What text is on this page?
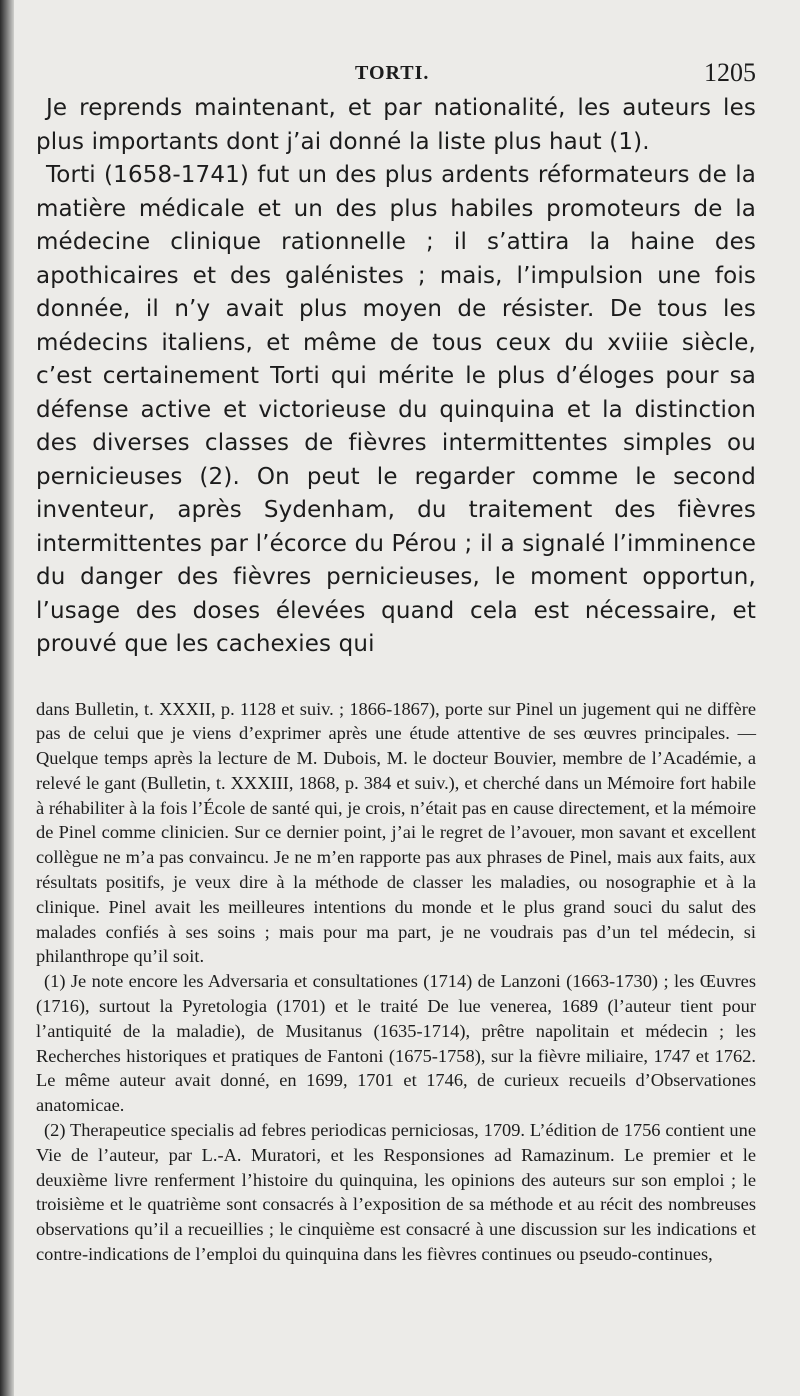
TORTI.	1205

Je reprends maintenant, et par nationalité, les auteurs les plus importants dont j’ai donné la liste plus haut (1).

Torti (1658-1741) fut un des plus ardents réformateurs de la matière médicale et un des plus habiles promoteurs de la médecine clinique rationnelle ; il s’attira la haine des apothicaires et des galénistes ; mais, l’impulsion une fois donnée, il n’y avait plus moyen de résister. De tous les médecins italiens, et même de tous ceux du xviiie siècle, c’est certainement Torti qui mérite le plus d’éloges pour sa défense active et victorieuse du quinquina et la distinction des diverses classes de fièvres intermittentes simples ou pernicieuses (2). On peut le regarder comme le second inventeur, après Sydenham, du traitement des fièvres intermittentes par l’écorce du Pérou ; il a signalé l’imminence du danger des fièvres pernicieuses, le moment opportun, l’usage des doses élevées quand cela est nécessaire, et prouvé que les cachexies qui

dans Bulletin, t. XXXII, p. 1128 et suiv. ; 1866-1867), porte sur Pinel un jugement qui ne diffère pas de celui que je viens d’exprimer après une étude attentive de ses œuvres principales. — Quelque temps après la lecture de M. Dubois, M. le docteur Bouvier, membre de l’Académie, a relevé le gant (Bulletin, t. XXXIII, 1868, p. 384 et suiv.), et cherché dans un Mémoire fort habile à réhabiliter à la fois l’École de santé qui, je crois, n’était pas en cause directement, et la mémoire de Pinel comme clinicien. Sur ce dernier point, j’ai le regret de l’avouer, mon savant et excellent collègue ne m’a pas convaincu. Je ne m’en rapporte pas aux phrases de Pinel, mais aux faits, aux résultats positifs, je veux dire à la méthode de classer les maladies, ou nosographie et à la clinique. Pinel avait les meilleures intentions du monde et le plus grand souci du salut des malades confiés à ses soins ; mais pour ma part, je ne voudrais pas d’un tel médecin, si philanthrope qu’il soit.

(1) Je note encore les Adversaria et consultationes (1714) de Lanzoni (1663-1730) ; les Œuvres (1716), surtout la Pyretologia (1701) et le traité De lue venerea, 1689 (l’auteur tient pour l’antiquité de la maladie), de Musitanus (1635-1714), prêtre napolitain et médecin ; les Recherches historiques et pratiques de Fantoni (1675-1758), sur la fièvre miliaire, 1747 et 1762. Le même auteur avait donné, en 1699, 1701 et 1746, de curieux recueils d’Observationes anatomicae.

(2) Therapeutice specialis ad febres periodicas perniciosas, 1709. L’édition de 1756 contient une Vie de l’auteur, par L.-A. Muratori, et les Responsiones ad Ramazinum. Le premier et le deuxième livre renferment l’histoire du quinquina, les opinions des auteurs sur son emploi ; le troisième et le quatrième sont consacrés à l’exposition de sa méthode et au récit des nombreuses observations qu’il a recueillies ; le cinquième est consacré à une discussion sur les indications et contre-indications de l’emploi du quinquina dans les fièvres continues ou pseudo-continues,
